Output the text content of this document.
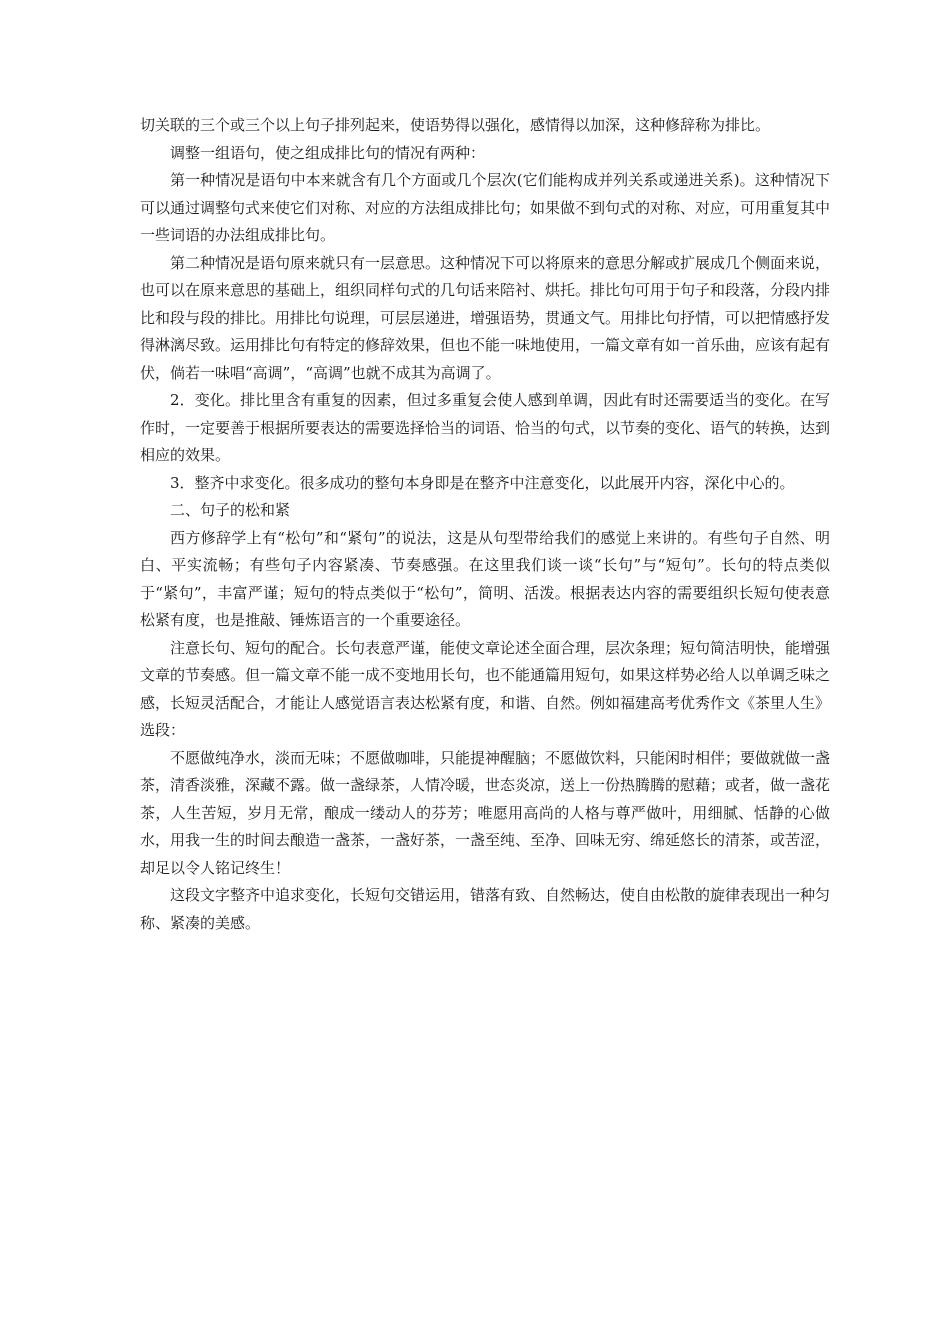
切关联的三个或三个以上句子排列起来，使语势得以强化，感情得以加深，这种修辞称为排比。

调整一组语句，使之组成排比句的情况有两种：

第一种情况是语句中本来就含有几个方面或几个层次(它们能构成并列关系或递进关系)。这种情况下可以通过调整句式来使它们对称、对应的方法组成排比句；如果做不到句式的对称、对应，可用重复其中一些词语的办法组成排比句。

第二种情况是语句原来就只有一层意思。这种情况下可以将原来的意思分解或扩展成几个侧面来说，也可以在原来意思的基础上，组织同样句式的几句话来陪衬、烘托。排比句可用于句子和段落，分段内排比和段与段的排比。用排比句说理，可层层递进，增强语势，贯通文气。用排比句抒情，可以把情感抒发得淋漓尽致。运用排比句有特定的修辞效果，但也不能一味地使用，一篇文章有如一首乐曲，应该有起有伏，倘若一味唱“高调”，“高调”也就不成其为高调了。

2．变化。排比里含有重复的因素，但过多重复会使人感到单调，因此有时还需要适当的变化。在写作时，一定要善于根据所要表达的需要选择恰当的词语、恰当的句式，以节奏的变化、语气的转换，达到相应的效果。

3．整齐中求变化。很多成功的整句本身即是在整齐中注意变化，以此展开内容，深化中心的。

二、句子的松和紧

西方修辞学上有“松句”和“紧句”的说法，这是从句型带给我们的感觉上来讲的。有些句子自然、明白、平实流畅；有些句子内容紧凑、节奏感强。在这里我们谈一谈“长句”与“短句”。长句的特点类似于“紧句”，丰富严谨；短句的特点类似于“松句”，简明、活泼。根据表达内容的需要组织长短句使表意松紧有度，也是推敲、锤炼语言的一个重要途径。

注意长句、短句的配合。长句表意严谨，能使文章论述全面合理，层次条理；短句简洁明快，能增强文章的节奏感。但一篇文章不能一成不变地用长句，也不能通篇用短句，如果这样势必给人以单调乏味之感，长短灵活配合，才能让人感觉语言表达松紧有度，和谐、自然。例如福建高考优秀作文《茶里人生》选段：

不愿做纯净水，淡而无味；不愿做咖啡，只能提神醒脑；不愿做饮料，只能闲时相伴；要做就做一盏茶，清香淡雅，深藏不露。做一盏绿茶，人情冷暖，世态炎凉，送上一份热腾腾的慰藉；或者，做一盏花茶，人生苦短，岁月无常，酿成一缕动人的芬芳；唯愿用高尚的人格与尊严做叶，用细腻、恬静的心做水，用我一生的时间去酿造一盏茶，一盏好茶，一盏至纯、至净、回味无穷、绵延悠长的清茶，或苦涩，却足以令人铭记终生！

这段文字整齐中追求变化，长短句交错运用，错落有致、自然畅达，使自由松散的旋律表现出一种匀称、紧凑的美感。
